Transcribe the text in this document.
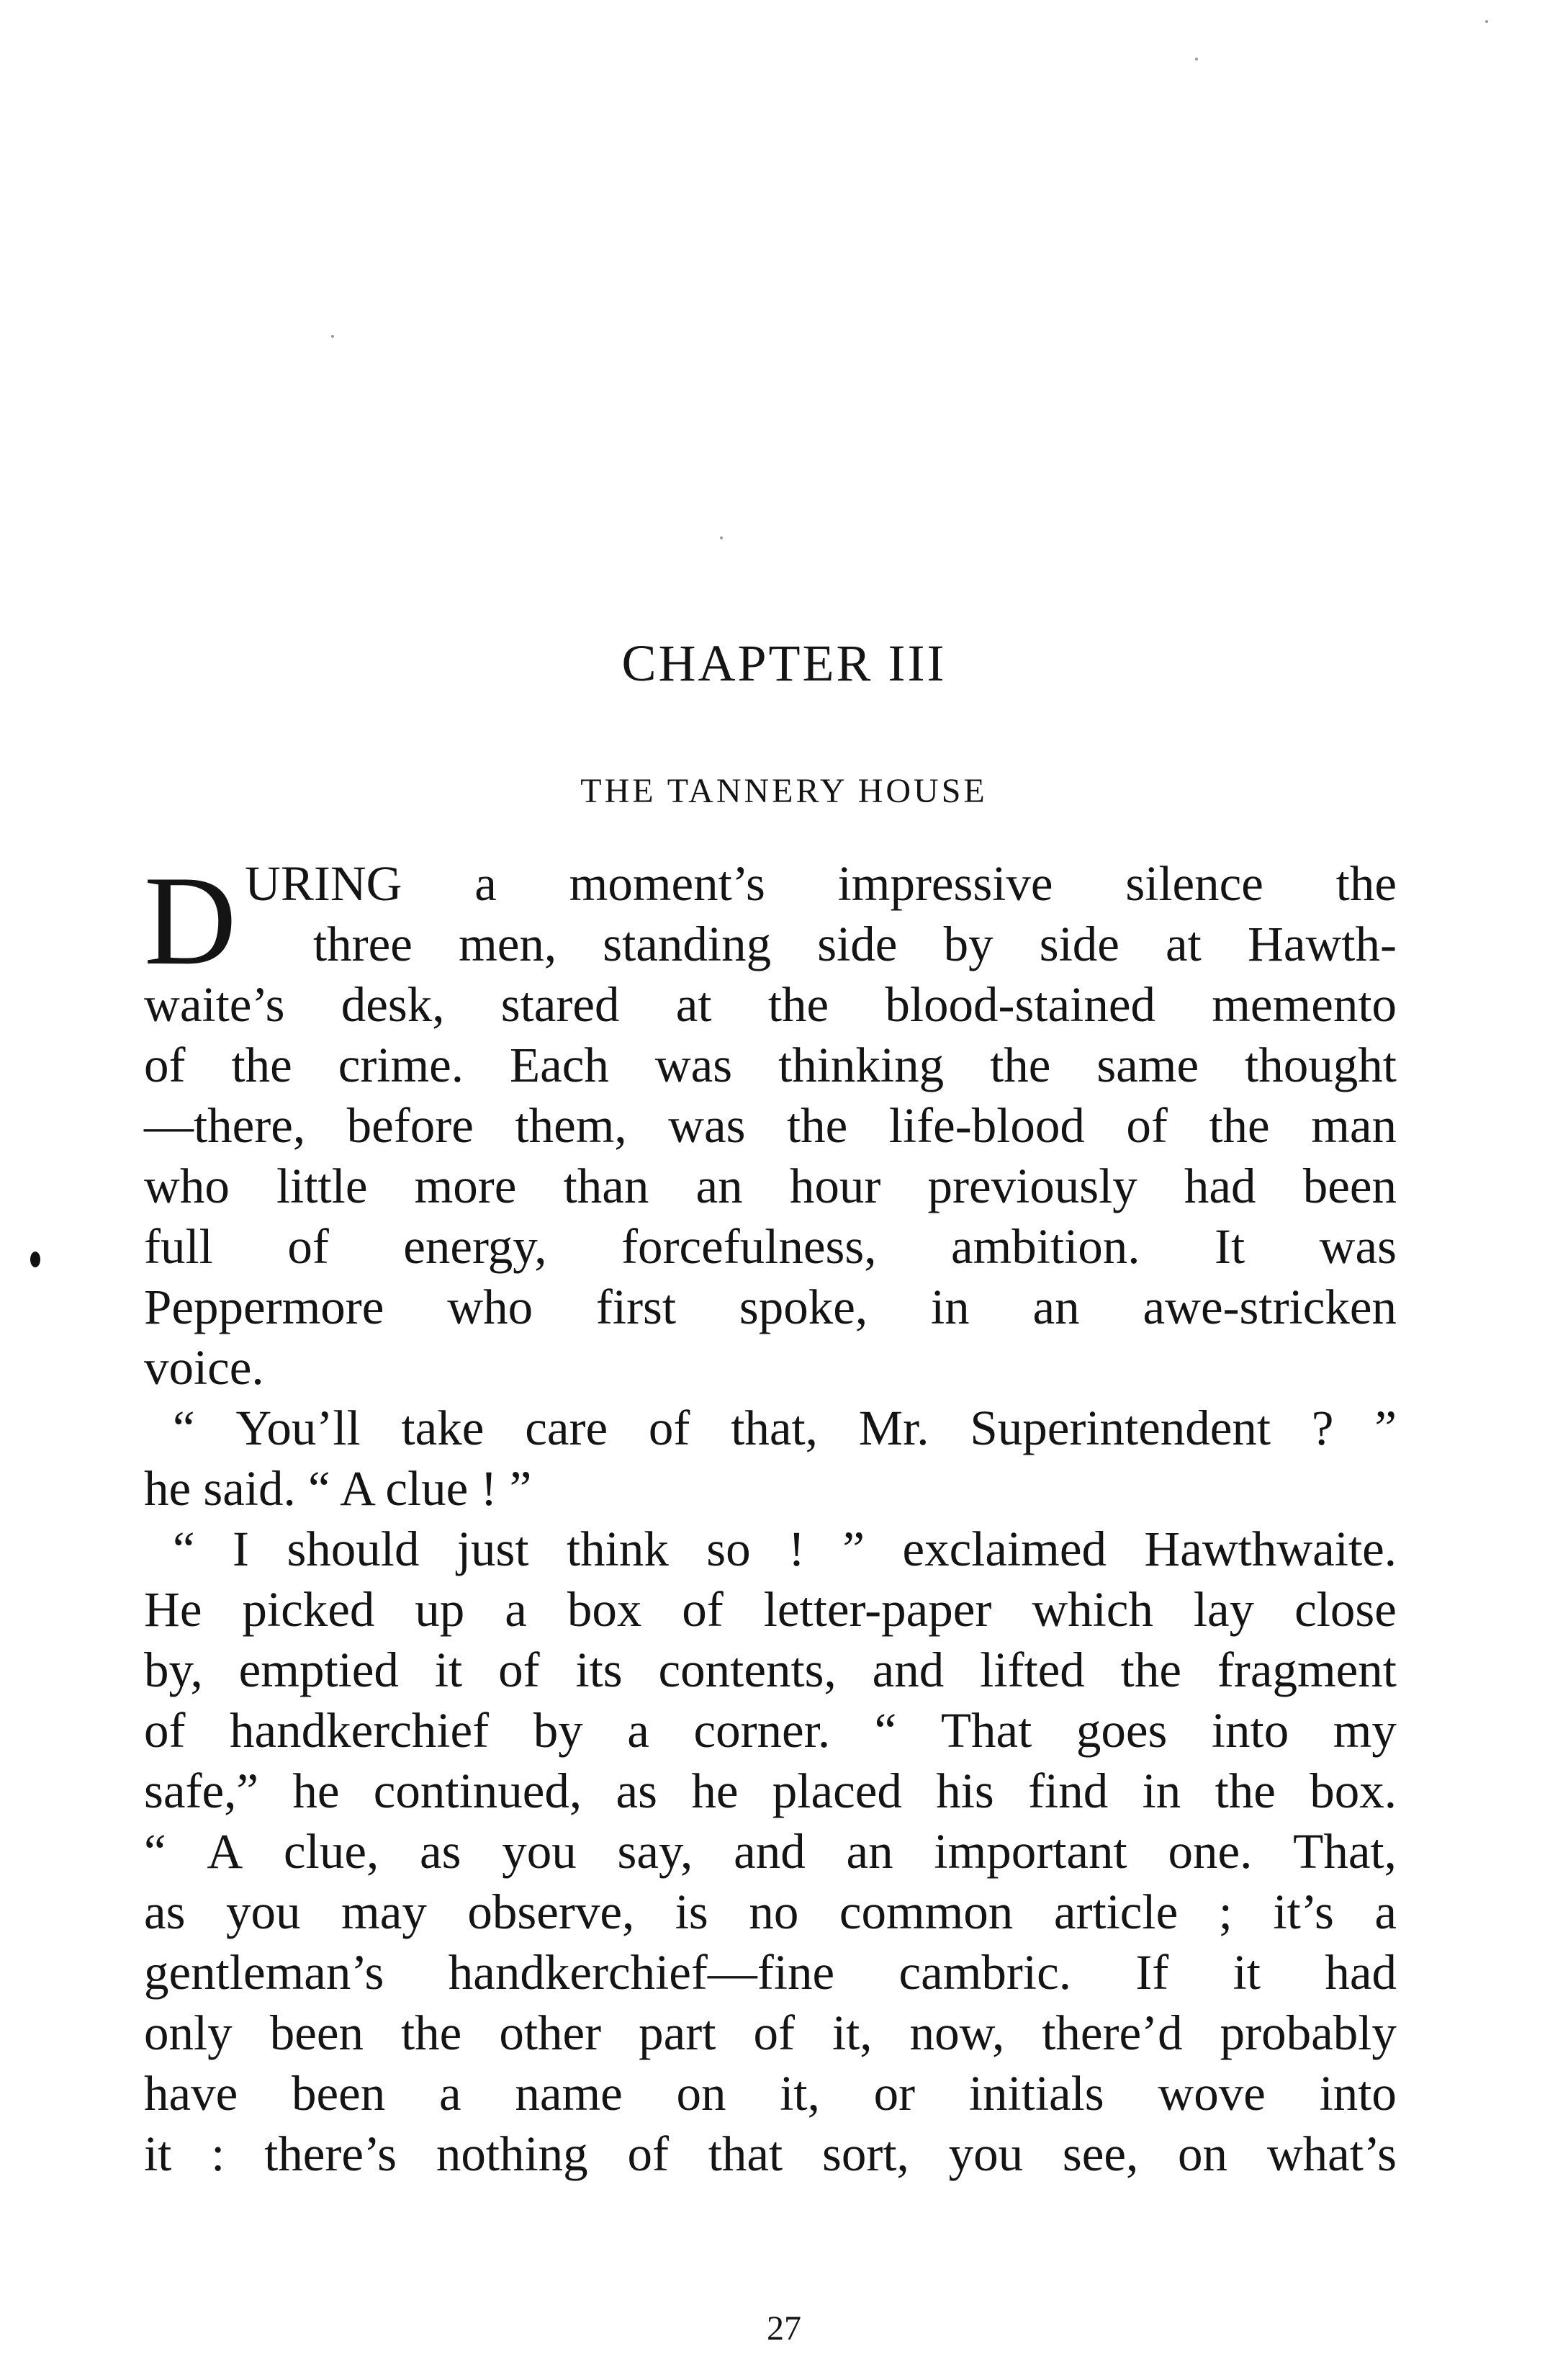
CHAPTER III
THE TANNERY HOUSE
D URING a moment’s impressive silence the
three men, standing side by side at Hawth-
waite’s desk, stared at the blood-stained memento
of the crime. Each was thinking the same thought
—there, before them, was the life-blood of the man
who little more than an hour previously had been
full of energy, forcefulness, ambition. It was
Peppermore who first spoke, in an awe-stricken
voice.
“ You’ll take care of that, Mr. Superintendent ? ”
he said. “ A clue ! ”
“ I should just think so ! ” exclaimed Hawthwaite.
He picked up a box of letter-paper which lay close
by, emptied it of its contents, and lifted the fragment
of handkerchief by a corner. “ That goes into my
safe,” he continued, as he placed his find in the box.
“ A clue, as you say, and an important one. That,
as you may observe, is no common article ; it’s a
gentleman’s handkerchief—fine cambric. If it had
only been the other part of it, now, there’d probably
have been a name on it, or initials wove into
it : there’s nothing of that sort, you see, on what’s
27
